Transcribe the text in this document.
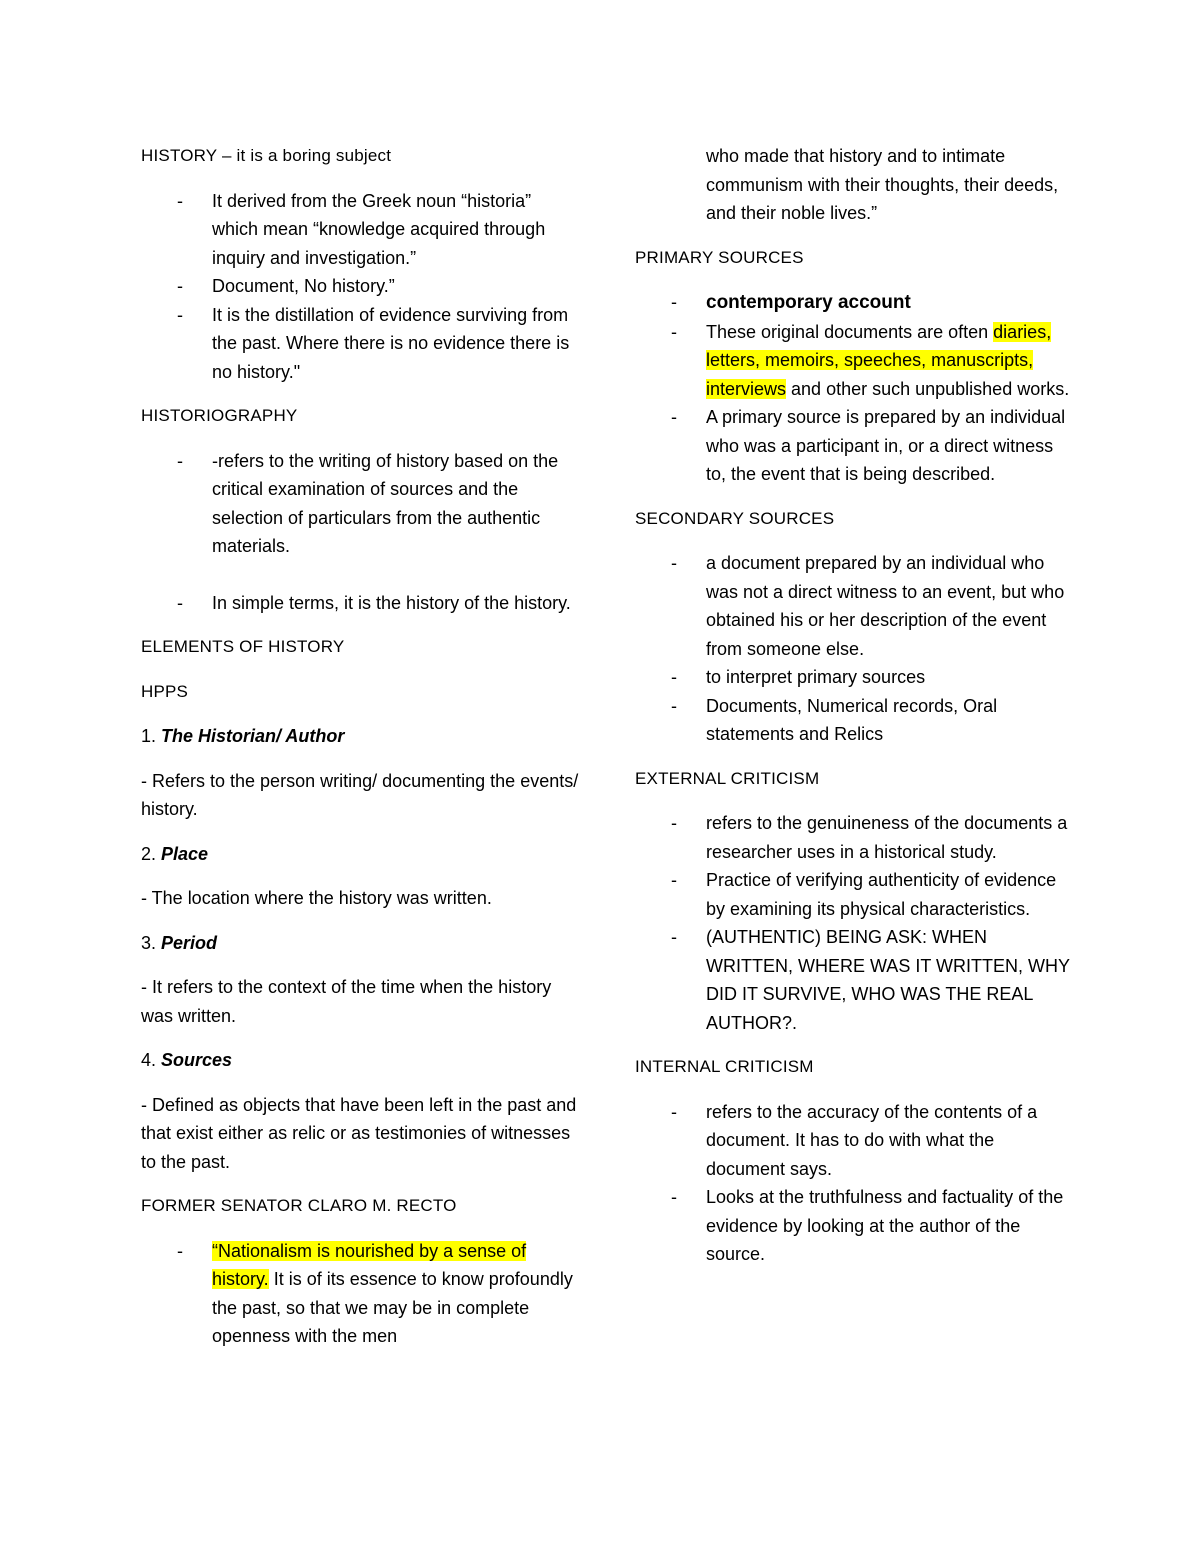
HISTORY – it is a boring subject

- It derived from the Greek noun “historia” which mean “knowledge acquired through inquiry and investigation.”
- Document, No history.”
- It is the distillation of evidence surviving from the past. Where there is no evidence there is no history."

HISTORIOGRAPHY

- -refers to the writing of history based on the critical examination of sources and the selection of particulars from the authentic materials.
- In simple terms, it is the history of the history.

ELEMENTS OF HISTORY

HPPS

1. The Historian/ Author

- Refers to the person writing/ documenting the events/ history.

2. Place

- The location where the history was written.

3. Period

- It refers to the context of the time when the history was written.

4. Sources

- Defined as objects that have been left in the past and that exist either as relic or as testimonies of witnesses to the past.

FORMER SENATOR CLARO M. RECTO

- “Nationalism is nourished by a sense of history. It is of its essence to know profoundly the past, so that we may be in complete openness with the men

who made that history and to intimate communism with their thoughts, their deeds, and their noble lives.”

PRIMARY SOURCES

- contemporary account
- These original documents are often diaries, letters, memoirs, speeches, manuscripts, interviews and other such unpublished works.
- A primary source is prepared by an individual who was a participant in, or a direct witness to, the event that is being described.

SECONDARY SOURCES

- a document prepared by an individual who was not a direct witness to an event, but who obtained his or her description of the event from someone else.
- to interpret primary sources
- Documents, Numerical records, Oral statements and Relics

EXTERNAL CRITICISM

- refers to the genuineness of the documents a researcher uses in a historical study.
- Practice of verifying authenticity of evidence by examining its physical characteristics.
- (AUTHENTIC) BEING ASK: WHEN WRITTEN, WHERE WAS IT WRITTEN, WHY DID IT SURVIVE, WHO WAS THE REAL AUTHOR?.

INTERNAL CRITICISM

- refers to the accuracy of the contents of a document. It has to do with what the document says.
- Looks at the truthfulness and factuality of the evidence by looking at the author of the source.
